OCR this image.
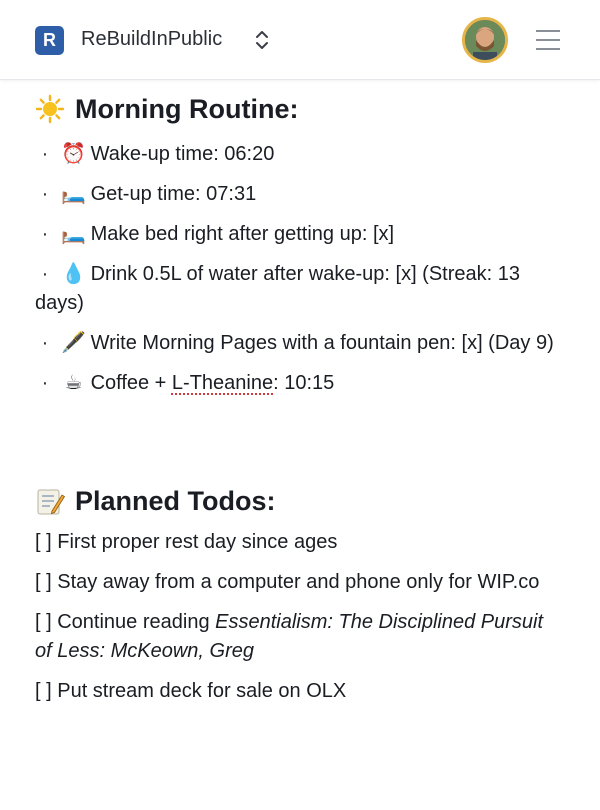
R	ReBuildInPublic
Morning Routine:
· ⏰ Wake-up time: 06:20
· 🛏️ Get-up time: 07:31
· 🛏️ Make bed right after getting up: [x]
· 💧 Drink 0.5L of water after wake-up: [x] (Streak: 13 days)
· 🖋️ Write Morning Pages with a fountain pen: [x] (Day 9)
· ☕ Coffee + L-Theanine: 10:15
Planned Todos:
[ ] First proper rest day since ages
[ ] Stay away from a computer and phone only for WIP.co
[ ] Continue reading Essentialism: The Disciplined Pursuit of Less: McKeown, Greg
[ ] Put stream deck for sale on OLX
